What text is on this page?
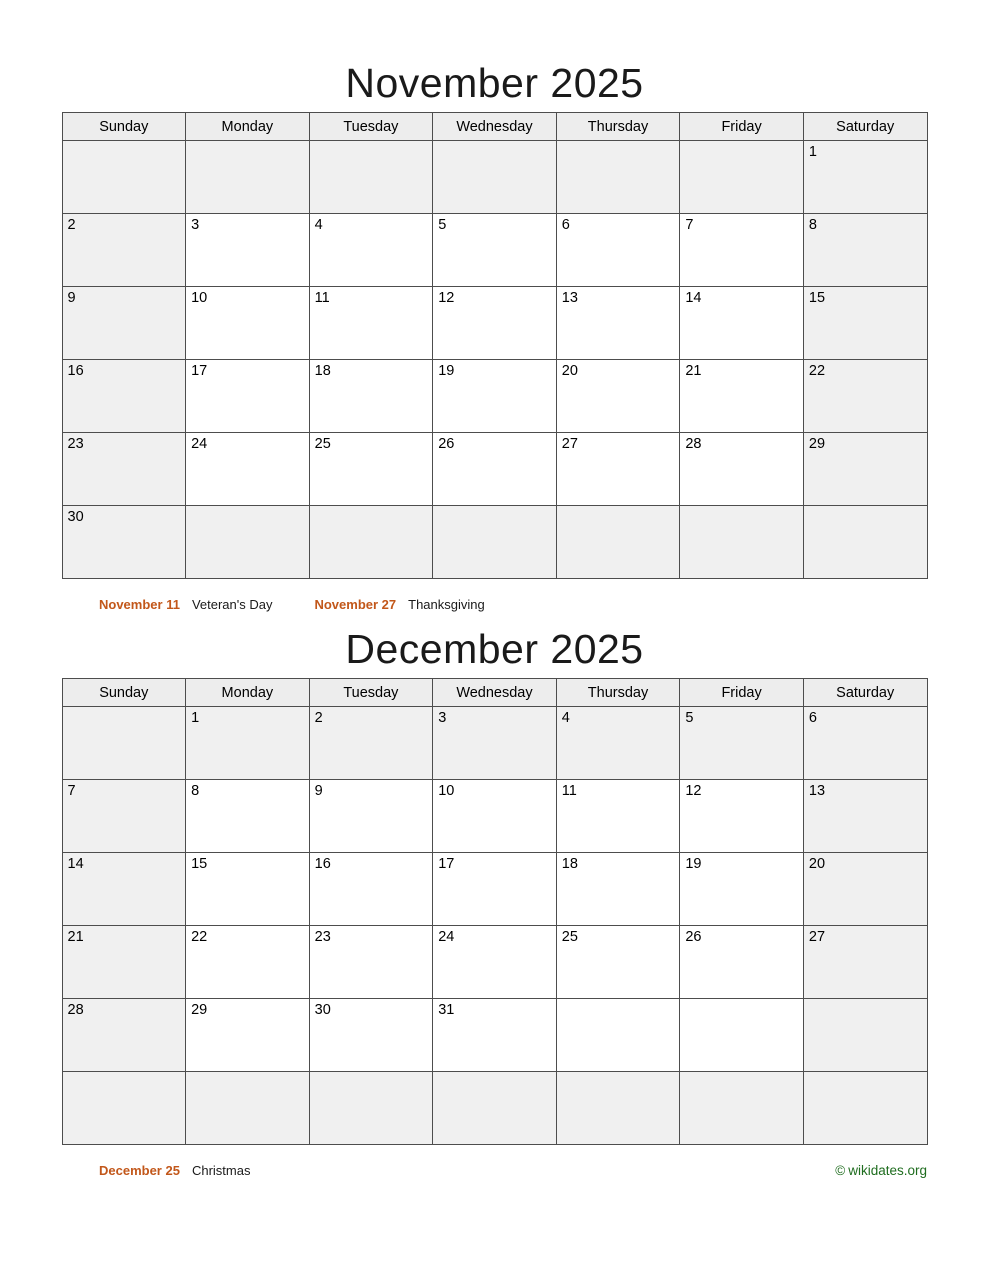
November 2025
Sunday	Monday	Tuesday	Wednesday	Thursday	Friday	Saturday

						1

2	3	4	5	6	7	8

9	10	11	12	13	14	15

16	17	18	19	20	21	22

23	24	25	26	27	28	29

30						

November 11 Veteran's Day	November 27 Thanksgiving
December 2025
Sunday	Monday	Tuesday	Wednesday	Thursday	Friday	Saturday

	1	2	3	4	5	6

7	8	9	10	11	12	13

14	15	16	17	18	19	20

21	22	23	24	25	26	27

28	29	30	31			

December 25 Christmas	© wikidates.org
